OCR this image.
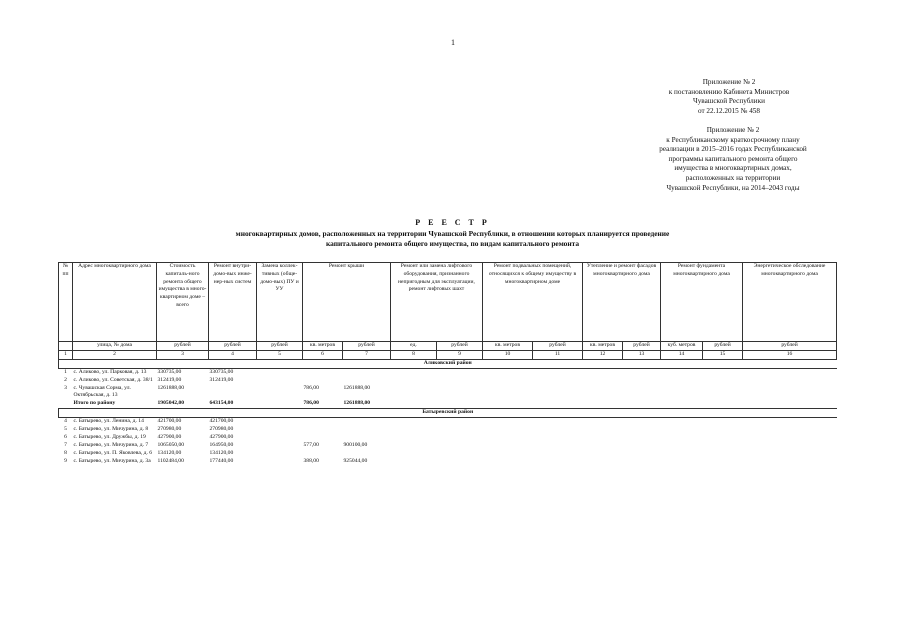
1
Приложение № 2
к постановлению Кабинета Министров
Чувашской Республики
от 22.12.2015 № 458
Приложение № 2
к Республиканскому краткосрочному плану
реализации в 2015–2016 годах Республиканской
программы капитального ремонта общего
имущества в многоквартирных домах,
расположенных на территории
Чувашской Республики, на 2014–2043 годы
Р Е Е С Т Р
многоквартирных домов, расположенных на территории Чувашской Республики, в отношении которых планируется проведение
капитального ремонта общего имущества, по видам капитального ремонта
№ пп	Адрес многоквартирного дома	Стоимость капиталь-ного ремонта общего имущества в много-квартирном доме – всего	Ремонт внутри-домо-вых инже-нер-ных систем	Замена коллек-тивных (обще-домо-вых) ПУ и УУ	Ремонт крыши		Ремонт или замена лифтового оборудования, признанного непригодным для эксплуатации, ремонт лифтовых шахт		Ремонт подвальных помещений, относящихся к общему имуществу в многоквартирном доме		Утепление и ремонт фасадов многоквартирного дома		Ремонт фундамента многоквартирного дома		Энергетическое обследование многоквартирного дома
	улица, № дома	рублей	рублей	рублей	кв. метров	рублей	ед.	рублей	кв. метров	рублей	кв. метров	рублей	куб. метров	рублей	рублей
1	2	3	4	5	6	7	8	9	10	11	12	13	14	15	16
Аликовский район															
1	с. Аликово, ул. Парковая, д. 13	330735,00	330735,00												
2	с. Аликово, ул. Советская, д. 38/1	312419,00	312419,00												
3	с. Чувашская Сорма, ул. Октябрьская, д. 13	1261888,00			786,00	1261888,00									
	Итого по району	1905042,00	643154,00		786,00	1261888,00									
Батыревский район															
4	с. Батырево, ул. Ленина, д. 14	421700,00	421700,00												
5	с. Батырево, ул. Мичурина, д. 8	270980,00	270980,00												
6	с. Батырево, ул. Дружбы, д. 19	427900,00	427900,00												
7	с. Батырево, ул. Мичурина, д. 7	1065050,00	164950,00		577,00	900100,00									
8	с. Батырево, ул. П. Яковлева, д. 6	134120,00	134120,00												
9	с. Батырево, ул. Мичурина, д. 3а	1102484,00	177440,00		388,00	925044,00									
